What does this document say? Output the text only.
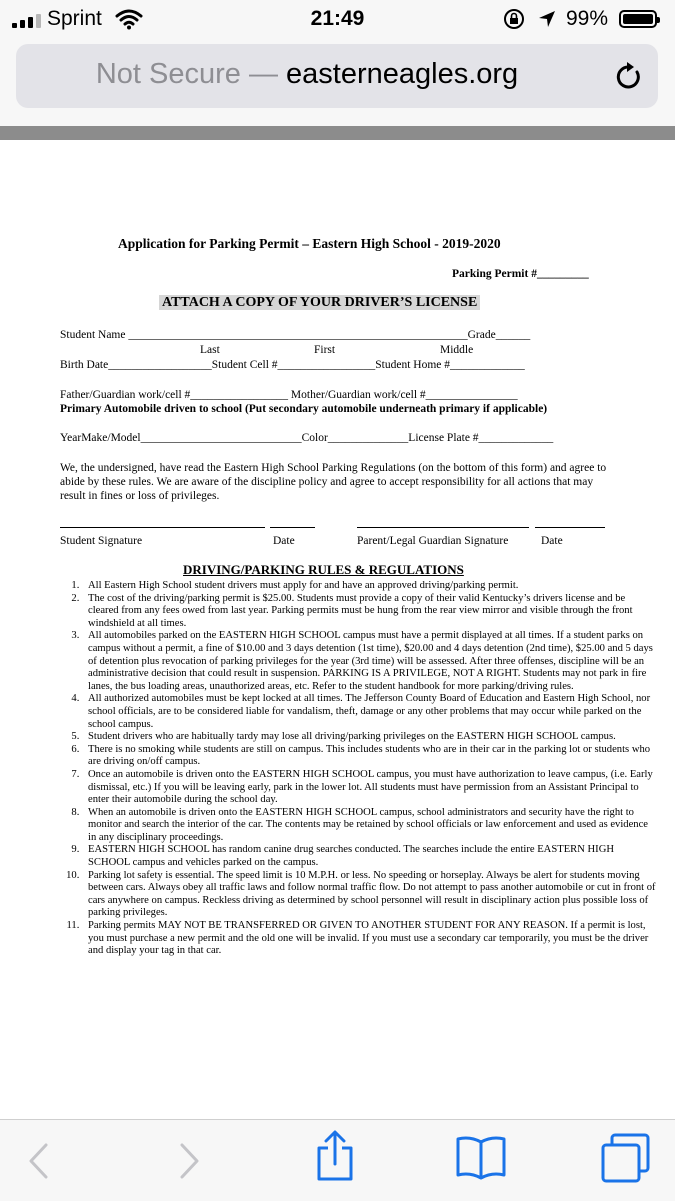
Sprint	21:49	99%
Not Secure — easterneagles.org
Application for Parking Permit – Eastern High School - 2019-2020
Parking Permit #_________
ATTACH A COPY OF YOUR DRIVER’S LICENSE
Student Name ___________________________________________________________Grade______
Last	First	Middle
Birth Date__________________Student Cell #_________________Student Home #_____________
Father/Guardian work/cell #_________________ Mother/Guardian work/cell #________________
Primary Automobile driven to school (Put secondary automobile underneath primary if applicable)
YearMake/Model____________________________Color______________License Plate #_____________
We, the undersigned, have read the Eastern High School Parking Regulations (on the bottom of this form) and agree to abide by these rules. We are aware of the discipline policy and agree to accept responsibility for all actions that may result in fines or loss of privileges.
Student Signature	Date	Parent/Legal Guardian Signature	Date
DRIVING/PARKING RULES & REGULATIONS
1. All Eastern High School student drivers must apply for and have an approved driving/parking permit.
2. The cost of the driving/parking permit is $25.00. Students must provide a copy of their valid Kentucky’s drivers license and be cleared from any fees owed from last year. Parking permits must be hung from the rear view mirror and visible through the front windshield at all times.
3. All automobiles parked on the EASTERN HIGH SCHOOL campus must have a permit displayed at all times. If a student parks on campus without a permit, a fine of $10.00 and 3 days detention (1st time), $20.00 and 4 days detention (2nd time), $25.00 and 5 days of detention plus revocation of parking privileges for the year (3rd time) will be assessed. After three offenses, discipline will be an administrative decision that could result in suspension. PARKING IS A PRIVILEGE, NOT A RIGHT. Students may not park in fire lanes, the bus loading areas, unauthorized areas, etc. Refer to the student handbook for more parking/driving rules.
4. All authorized automobiles must be kept locked at all times. The Jefferson County Board of Education and Eastern High School, nor school officials, are to be considered liable for vandalism, theft, damage or any other problems that may occur while parked on the school campus.
5. Student drivers who are habitually tardy may lose all driving/parking privileges on the EASTERN HIGH SCHOOL campus.
6. There is no smoking while students are still on campus. This includes students who are in their car in the parking lot or students who are driving on/off campus.
7. Once an automobile is driven onto the EASTERN HIGH SCHOOL campus, you must have authorization to leave campus, (i.e. Early dismissal, etc.) If you will be leaving early, park in the lower lot. All students must have permission from an Assistant Principal to enter their automobile during the school day.
8. When an automobile is driven onto the EASTERN HIGH SCHOOL campus, school administrators and security have the right to monitor and search the interior of the car. The contents may be retained by school officials or law enforcement and used as evidence in any disciplinary proceedings.
9. EASTERN HIGH SCHOOL has random canine drug searches conducted. The searches include the entire EASTERN HIGH SCHOOL campus and vehicles parked on the campus.
10. Parking lot safety is essential. The speed limit is 10 M.P.H. or less. No speeding or horseplay. Always be alert for students moving between cars. Always obey all traffic laws and follow normal traffic flow. Do not attempt to pass another automobile or cut in front of cars anywhere on campus. Reckless driving as determined by school personnel will result in disciplinary action plus possible loss of parking privileges.
11. Parking permits MAY NOT BE TRANSFERRED OR GIVEN TO ANOTHER STUDENT FOR ANY REASON. If a permit is lost, you must purchase a new permit and the old one will be invalid. If you must use a secondary car temporarily, you must be the driver and display your tag in that car.
